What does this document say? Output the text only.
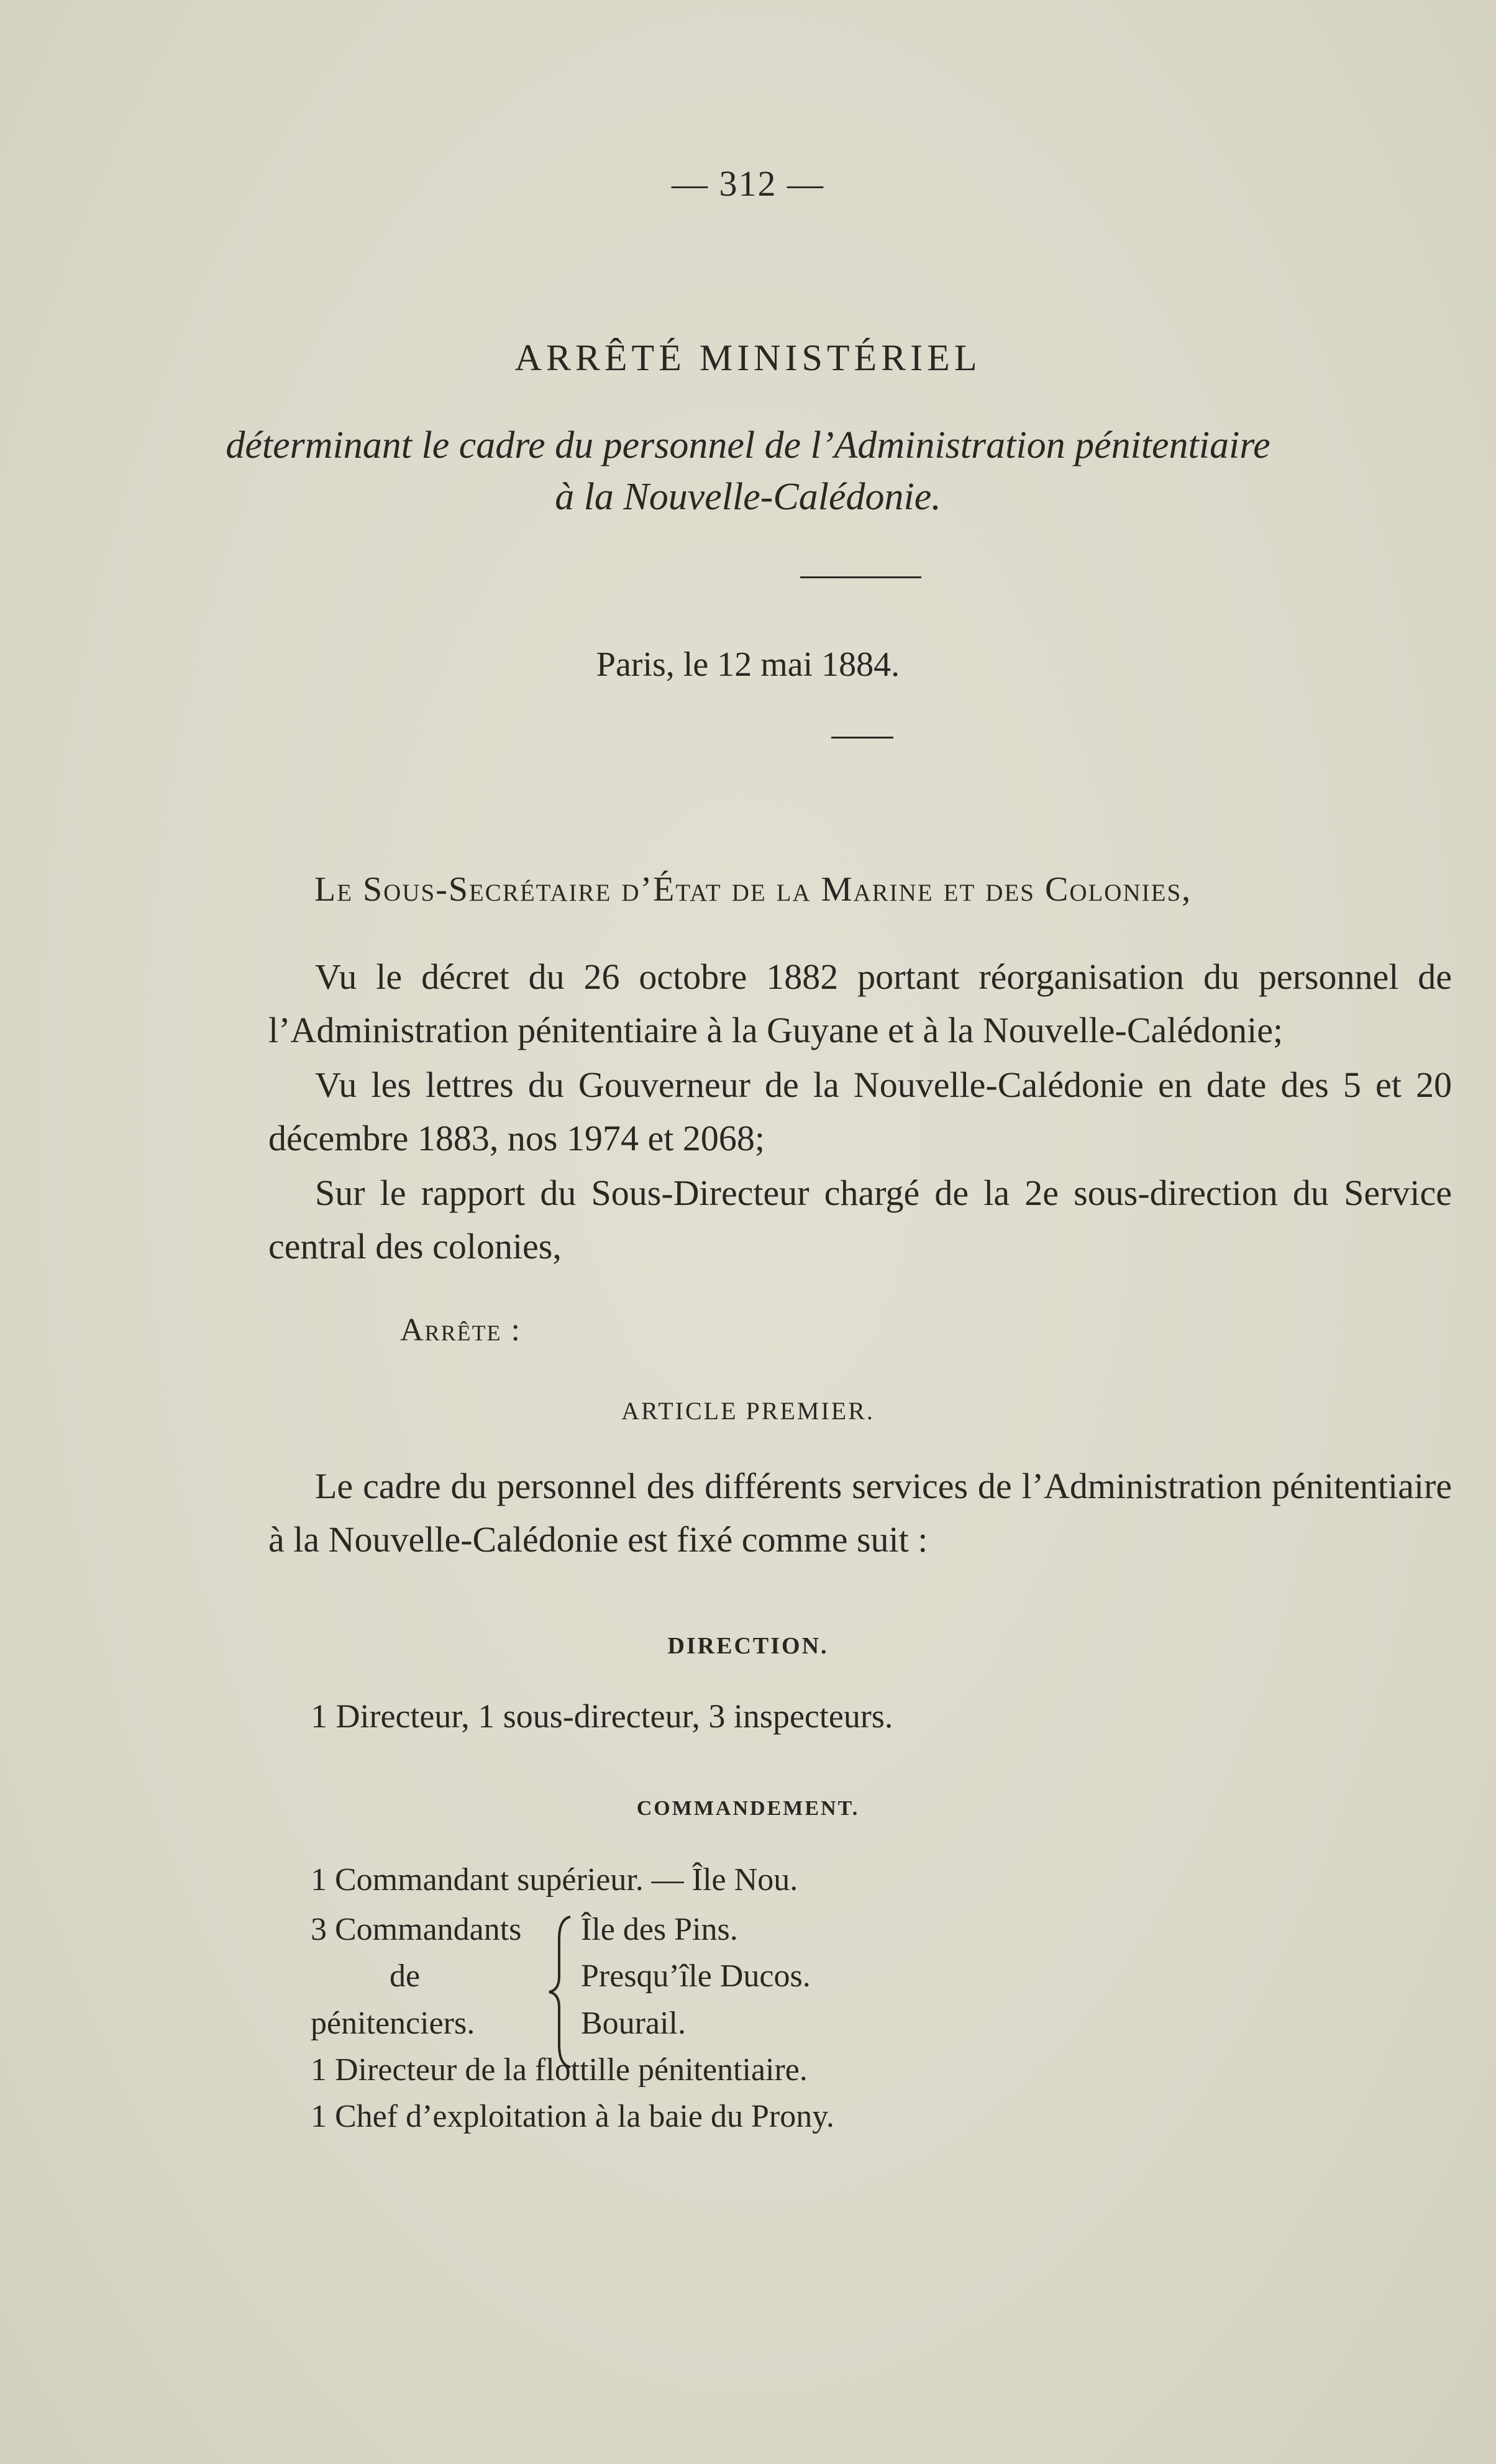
— 312 —
ARRÊTÉ MINISTÉRIEL
déterminant le cadre du personnel de l’Administration pénitentiaire
à la Nouvelle-Calédonie.
Paris, le 12 mai 1884.
Le Sous-Secrétaire d’État de la Marine et des Colonies,
Vu le décret du 26 octobre 1882 portant réorganisation du personnel de l’Administration pénitentiaire à la Guyane et à la Nouvelle-Calédonie;
Vu les lettres du Gouverneur de la Nouvelle-Calédonie en date des 5 et 20 décembre 1883, nos 1974 et 2068;
Sur le rapport du Sous-Directeur chargé de la 2e sous-direction du Service central des colonies,
Arrête :
ARTICLE PREMIER.
Le cadre du personnel des différents services de l’Administration pénitentiaire à la Nouvelle-Calédonie est fixé comme suit :
DIRECTION.
1 Directeur, 1 sous-directeur, 3 inspecteurs.
COMMANDEMENT.
1 Commandant supérieur. — Île Nou.
3 Commandants
de
pénitenciers.
Île des Pins.
Presqu’île Ducos.
Bourail.
1 Directeur de la flottille pénitentiaire.
1 Chef d’exploitation à la baie du Prony.
